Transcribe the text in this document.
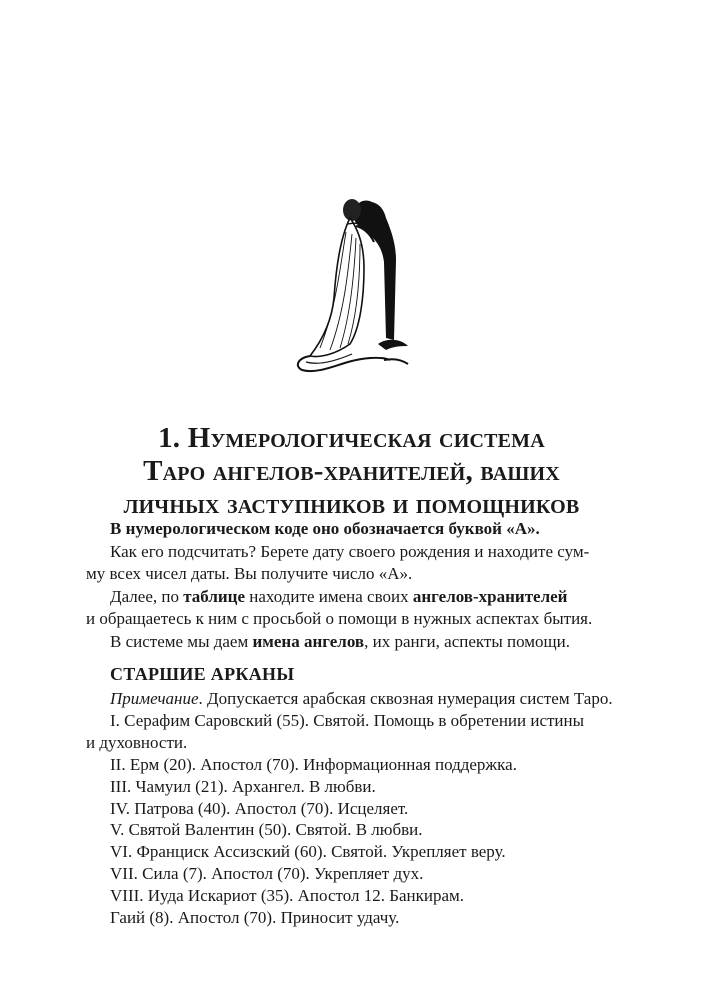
1. Нумерологическая система
Таро ангелов-хранителей, ваших
личных заступников и помощников
В нумерологическом коде оно обозначается буквой «А».
Как его подсчитать? Берете дату своего рождения и находите сум-
му всех чисел даты. Вы получите число «А».
Далее, по таблице находите имена своих ангелов-хранителей
и обращаетесь к ним с просьбой о помощи в нужных аспектах бытия.
В системе мы даем имена ангелов, их ранги, аспекты помощи.
СТАРШИЕ АРКАНЫ
Примечание. Допускается арабская сквозная нумерация систем Таро.
I. Серафим Саровский (55). Святой. Помощь в обретении истины
и духовности.
II. Ерм (20). Апостол (70). Информационная поддержка.
III. Чамуил (21). Архангел. В любви.
IV. Патрова (40). Апостол (70). Исцеляет.
V. Святой Валентин (50). Святой. В любви.
VI. Франциск Ассизский (60). Святой. Укрепляет веру.
VII. Сила (7). Апостол (70). Укрепляет дух.
VIII. Иуда Искариот (35). Апостол 12. Банкирам.
Гаий (8). Апостол (70). Приносит удачу.
